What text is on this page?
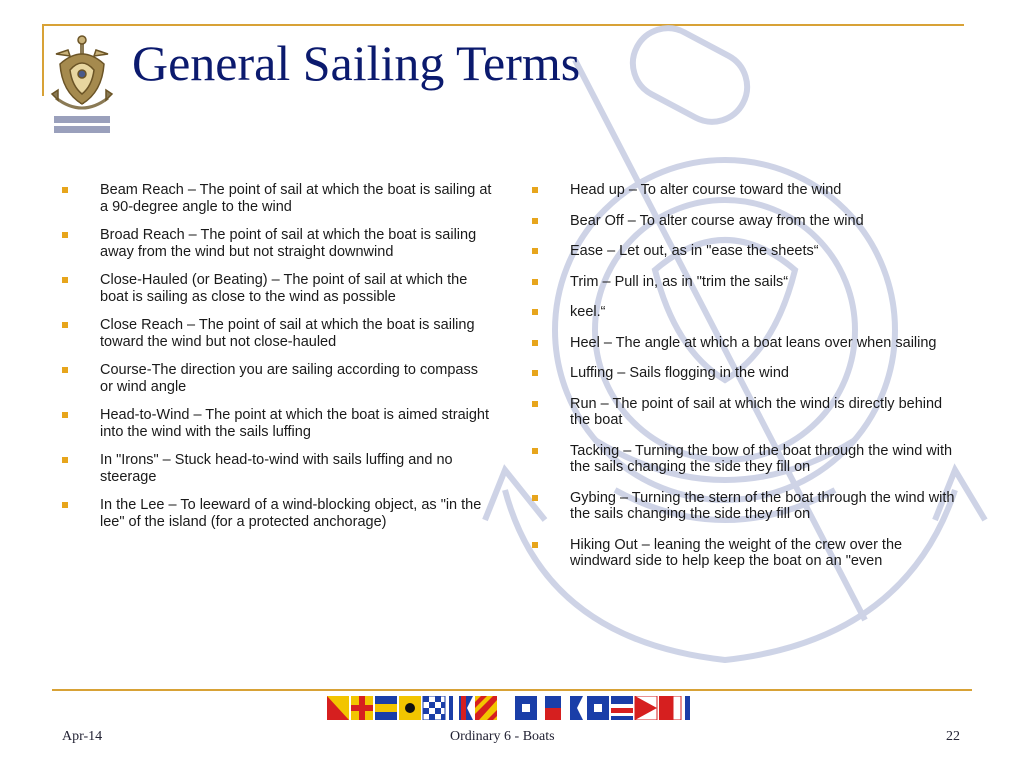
General Sailing Terms
Beam Reach – The point of sail at which the boat is sailing at a 90-degree angle to the wind
Broad Reach – The point of sail at which the boat is sailing away from the wind but not straight downwind
Close-Hauled (or Beating) – The point of sail at which the boat is sailing as close to the wind as possible
Close Reach – The point of sail at which the boat is sailing toward the wind but not close-hauled
Course-The direction you are sailing according to compass or wind angle
Head-to-Wind – The point at which the boat is aimed straight into the wind with the sails luffing
In "Irons" – Stuck head-to-wind with sails luffing and no steerage
In the Lee – To leeward of a wind-blocking object, as "in the lee" of the island (for a protected anchorage)
Head up – To alter course toward the wind
Bear Off – To alter course away from the wind
Ease – Let out, as in "ease the sheets“
Trim – Pull in, as in "trim the sails“
keel.“
Heel – The angle at which a boat leans over when sailing
Luffing – Sails flogging in the wind
Run – The point of sail at which the wind is directly behind the boat
Tacking – Turning the bow of the boat through the wind with the sails changing the side they fill on
Gybing – Turning the stern of the boat through the wind with the sails changing the side they fill on
Hiking Out – leaning the weight of the crew over the windward side to help keep the boat on an "even
Apr-14	Ordinary 6 - Boats	22
